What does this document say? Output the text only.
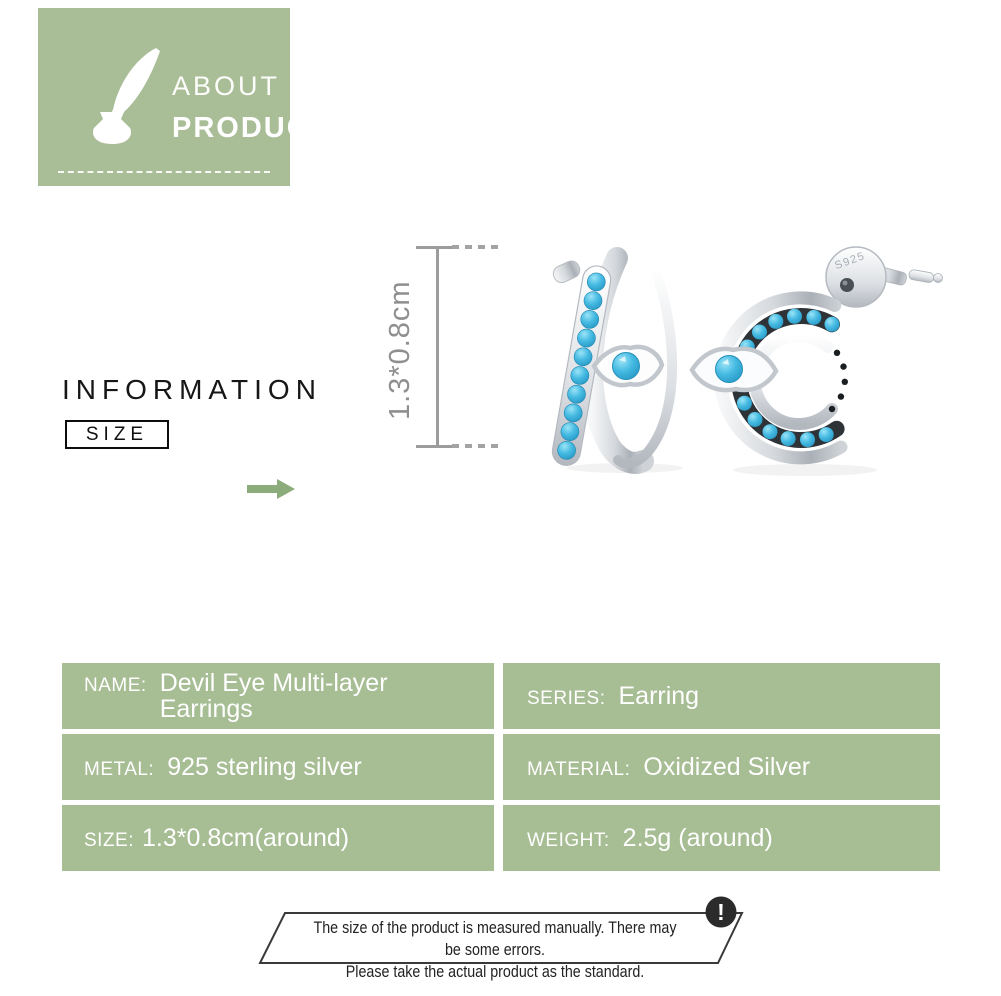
ABOUT
PRODUCT
INFORMATION
SIZE
1.3*0.8cm
S925
NAME: Devil Eye Multi-layer Earrings	SERIES: Earring
METAL: 925 sterling silver	MATERIAL: Oxidized Silver
SIZE: 1.3*0.8cm(around)	WEIGHT: 2.5g (around)
!
The size of the product is measured manually. There may be some errors.
Please take the actual product as the standard.
